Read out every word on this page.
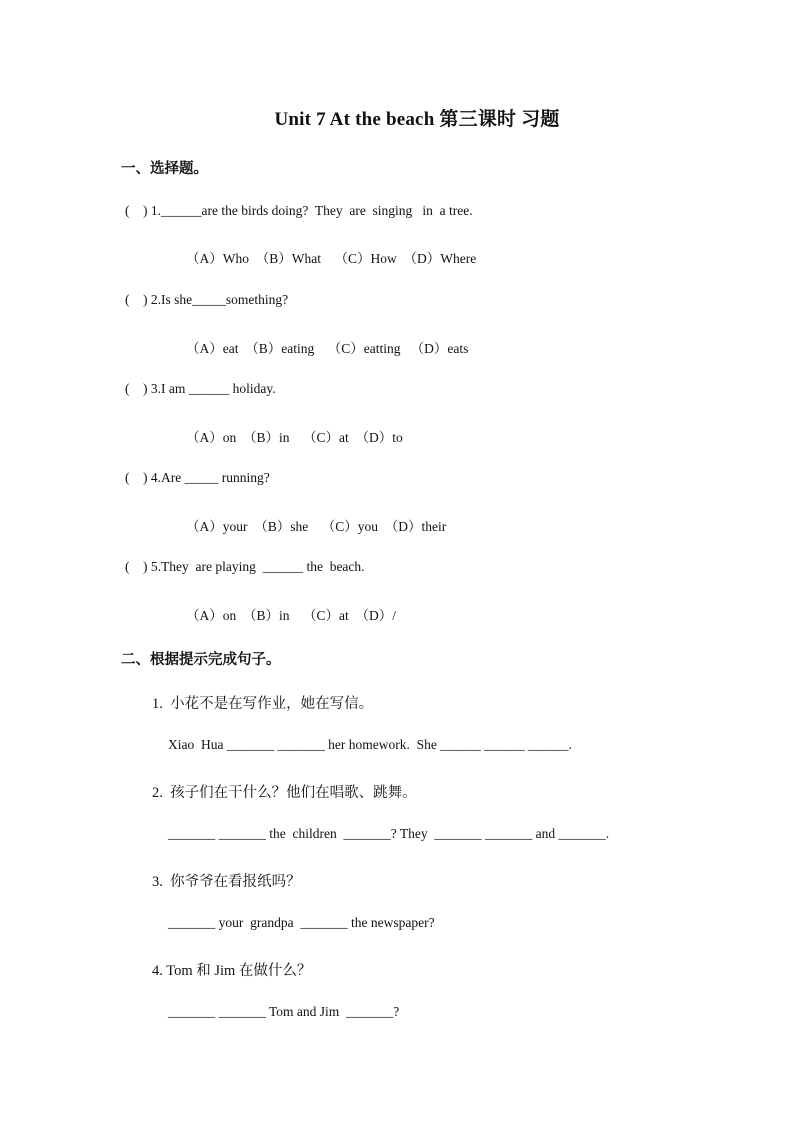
Unit 7 At the beach 第三课时 习题
一、选择题。
(    ) 1.______are the birds doing?  They  are  singing   in  a tree.
（A）Who  （B）What    （C）How  （D）Where
(    ) 2.Is she_____something?
（A）eat  （B）eating    （C）eatting   （D）eats
(    ) 3.I am ______ holiday.
（A）on  （B）in    （C）at  （D）to
(    ) 4.Are _____ running?
（A）your  （B）she    （C）you  （D）their
(    ) 5.They  are playing  ______ the  beach.
（A）on  （B）in    （C）at  （D）/
二、根据提示完成句子。
1.  小花不是在写作业，她在写信。
Xiao  Hua _______ _______ her homework.  She ______ ______ ______.
2.  孩子们在干什么？他们在唱歌、跳舞。
_______ _______ the  children  _______? They  _______ _______ and _______.
3.  你爷爷在看报纸吗？
_______ your  grandpa  _______ the newspaper?
4. Tom 和 Jim 在做什么？
_______ _______ Tom and Jim  _______?
